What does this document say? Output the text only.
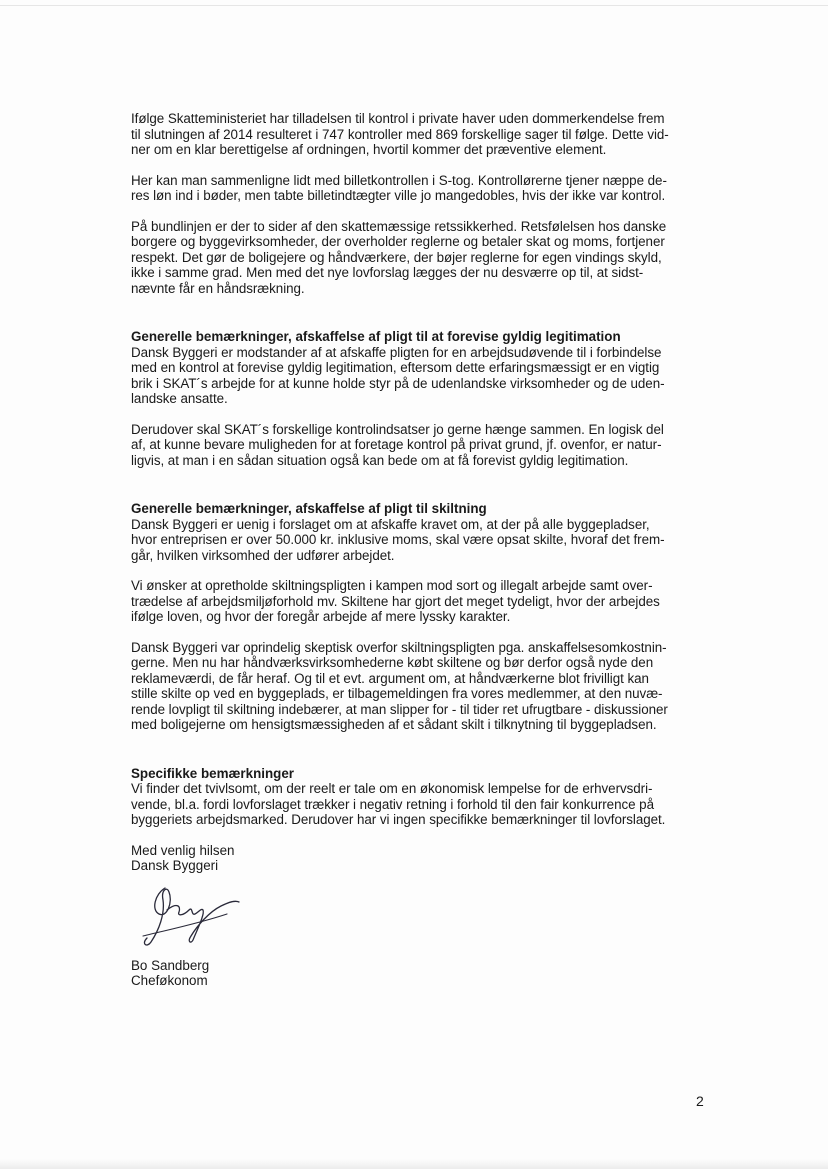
Ifølge Skatteministeriet har tilladelsen til kontrol i private haver uden dommerkendelse frem
til slutningen af 2014 resulteret i 747 kontroller med 869 forskellige sager til følge. Dette vid-
ner om en klar berettigelse af ordningen, hvortil kommer det præventive element.

Her kan man sammenligne lidt med billetkontrollen i S-tog. Kontrollørerne tjener næppe de-
res løn ind i bøder, men tabte billetindtægter ville jo mangedobles, hvis der ikke var kontrol.

På bundlinjen er der to sider af den skattemæssige retssikkerhed. Retsfølelsen hos danske
borgere og byggevirksomheder, der overholder reglerne og betaler skat og moms, fortjener
respekt. Det gør de boligejere og håndværkere, der bøjer reglerne for egen vindings skyld,
ikke i samme grad. Men med det nye lovforslag lægges der nu desværre op til, at sidst-
nævnte får en håndsrækning.

Generelle bemærkninger, afskaffelse af pligt til at forevise gyldig legitimation

Dansk Byggeri er modstander af at afskaffe pligten for en arbejdsudøvende til i forbindelse
med en kontrol at forevise gyldig legitimation, eftersom dette erfaringsmæssigt er en vigtig
brik i SKAT´s arbejde for at kunne holde styr på de udenlandske virksomheder og de uden-
landske ansatte.

Derudover skal SKAT´s forskellige kontrolindsatser jo gerne hænge sammen. En logisk del
af, at kunne bevare muligheden for at foretage kontrol på privat grund, jf. ovenfor, er natur-
ligvis, at man i en sådan situation også kan bede om at få forevist gyldig legitimation.

Generelle bemærkninger, afskaffelse af pligt til skiltning

Dansk Byggeri er uenig i forslaget om at afskaffe kravet om, at der på alle byggepladser,
hvor entreprisen er over 50.000 kr. inklusive moms, skal være opsat skilte, hvoraf det frem-
går, hvilken virksomhed der udfører arbejdet.

Vi ønsker at opretholde skiltningspligten i kampen mod sort og illegalt arbejde samt over-
trædelse af arbejdsmiljøforhold mv. Skiltene har gjort det meget tydeligt, hvor der arbejdes
ifølge loven, og hvor der foregår arbejde af mere lyssky karakter.

Dansk Byggeri var oprindelig skeptisk overfor skiltningspligten pga. anskaffelsesomkostnin-
gerne. Men nu har håndværksvirksomhederne købt skiltene og bør derfor også nyde den
reklameværdi, de får heraf. Og til et evt. argument om, at håndværkerne blot frivilligt kan
stille skilte op ved en byggeplads, er tilbagemeldingen fra vores medlemmer, at den nuvæ-
rende lovpligt til skiltning indebærer, at man slipper for - til tider ret ufrugtbare - diskussioner
med boligejerne om hensigtsmæssigheden af et sådant skilt i tilknytning til byggepladsen.

Specifikke bemærkninger

Vi finder det tvivlsomt, om der reelt er tale om en økonomisk lempelse for de erhvervsdri-
vende, bl.a. fordi lovforslaget trækker i negativ retning i forhold til den fair konkurrence på
byggeriets arbejdsmarked. Derudover har vi ingen specifikke bemærkninger til lovforslaget.

Med venlig hilsen

Dansk Byggeri

Bo Sandberg

Cheføkonom

2
